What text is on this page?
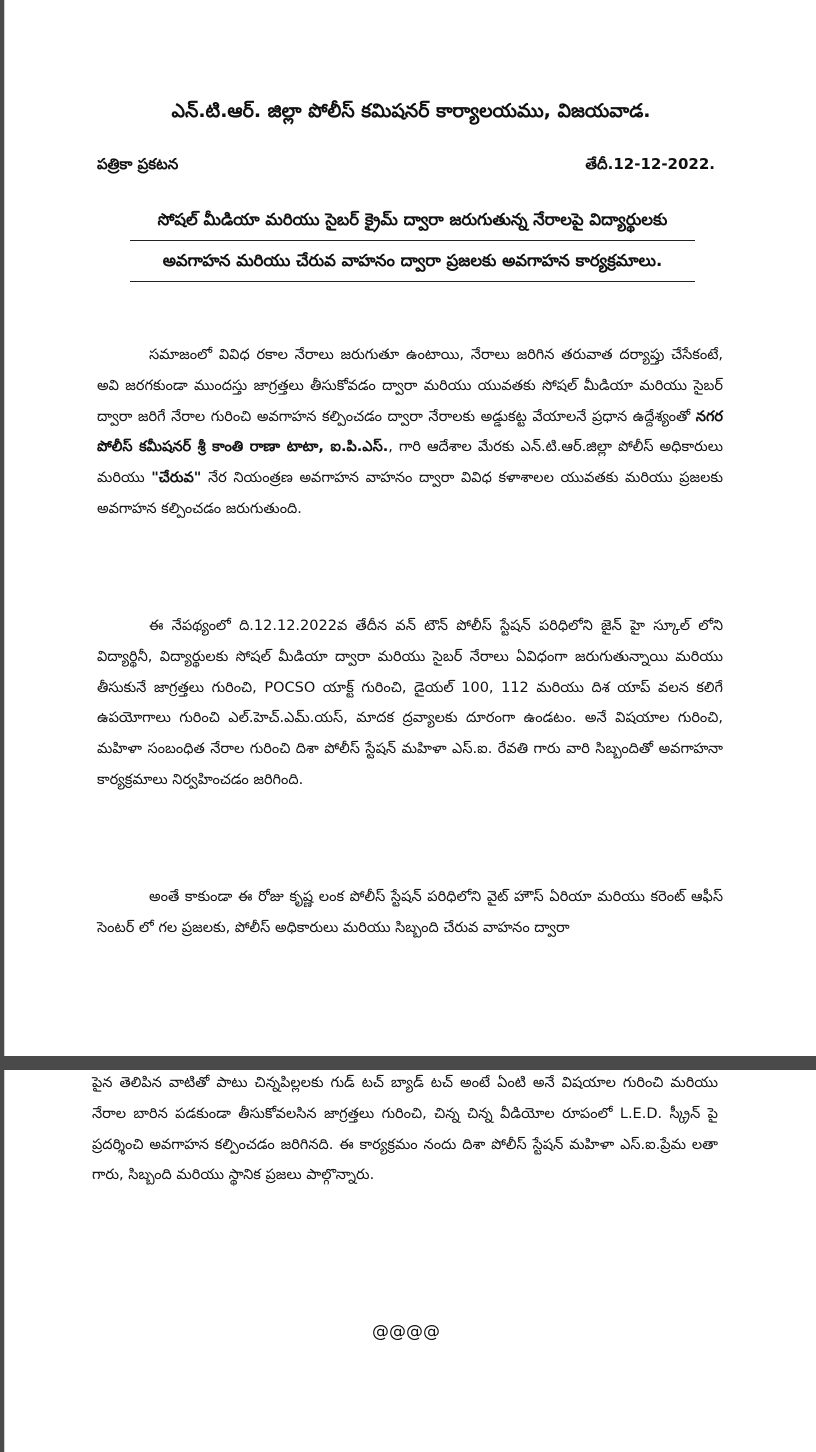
ఎన్.టి.ఆర్. జిల్లా పోలీస్ కమిషనర్ కార్యాలయము, విజయవాడ.
పత్రికా ప్రకటన	తేదీ.12-12-2022.
సోషల్ మీడియా మరియు సైబర్ క్రైమ్ ద్వారా జరుగుతున్న నేరాలపై విద్యార్థులకు
అవగాహన మరియు చేరువ వాహనం ద్వారా ప్రజలకు అవగాహన కార్యక్రమాలు.
సమాజంలో వివిధ రకాల నేరాలు జరుగుతూ ఉంటాయి, నేరాలు జరిగిన తరువాత దర్యాప్తు చేసేకంటే, అవి జరగకుండా ముందస్తు జాగ్రత్తలు తీసుకోవడం ద్వారా మరియు యువతకు సోషల్ మీడియా మరియు సైబర్ ద్వారా జరిగే నేరాల గురించి అవగాహన కల్పించడం ద్వారా నేరాలకు అడ్డుకట్ట వేయాలనే ప్రధాన ఉద్దేశ్యంతో నగర పోలీస్ కమీషనర్ శ్రీ కాంతి రాణా టాటా, ఐ.పి.ఎస్., గారి ఆదేశాల మేరకు ఎన్.టి.ఆర్.జిల్లా పోలీస్ అధికారులు మరియు "చేరువ" నేర నియంత్రణ అవగాహన వాహనం ద్వారా వివిధ కళాశాలల యువతకు మరియు ప్రజలకు అవగాహన కల్పించడం జరుగుతుంది.
ఈ నేపథ్యంలో ది.12.12.2022వ తేదీన వన్ టౌన్ పోలీస్ స్టేషన్ పరిధిలోని జైన్ హై స్కూల్ లోని విద్యార్థినీ, విద్యార్థులకు సోషల్ మీడియా ద్వారా మరియు సైబర్ నేరాలు ఏవిధంగా జరుగుతున్నాయి మరియు తీసుకునే జాగ్రత్తలు గురించి, POCSO యాక్ట్ గురించి, డైయల్ 100, 112 మరియు దిశ యాప్ వలన కలిగే ఉపయోగాలు గురించి ఎల్.హెచ్.ఎమ్.యస్, మాదక ద్రవ్యాలకు దూరంగా ఉండటం. అనే విషయాల గురించి, మహిళా సంబంధిత నేరాల గురించి దిశా పోలీస్ స్టేషన్ మహిళా ఎస్.ఐ. రేవతి గారు వారి సిబ్బందితో అవగాహనా కార్యక్రమాలు నిర్వహించడం జరిగింది.
అంతే కాకుండా ఈ రోజు కృష్ణ లంక పోలీస్ స్టేషన్ పరిధిలోని వైట్ హౌస్ ఏరియా మరియు కరెంట్ ఆఫీస్ సెంటర్ లో గల ప్రజలకు, పోలీస్ అధికారులు మరియు సిబ్బంది చేరువ వాహనం ద్వారా
పైన తెలిపిన వాటితో పాటు చిన్నపిల్లలకు గుడ్ టచ్ బ్యాడ్ టచ్ అంటే ఏంటి అనే విషయాల గురించి మరియు నేరాల బారిన పడకుండా తీసుకోవలసిన జాగ్రత్తలు గురించి, చిన్న చిన్న వీడియోల రూపంలో L.E.D. స్క్రీన్ పై ప్రదర్శించి అవగాహన కల్పించడం జరిగినది. ఈ కార్యక్రమం నందు దిశా పోలీస్ స్టేషన్ మహిళా ఎస్.ఐ.ప్రేమ లతా గారు, సిబ్బంది మరియు స్థానిక ప్రజలు పాల్గొన్నారు.
@@@@
